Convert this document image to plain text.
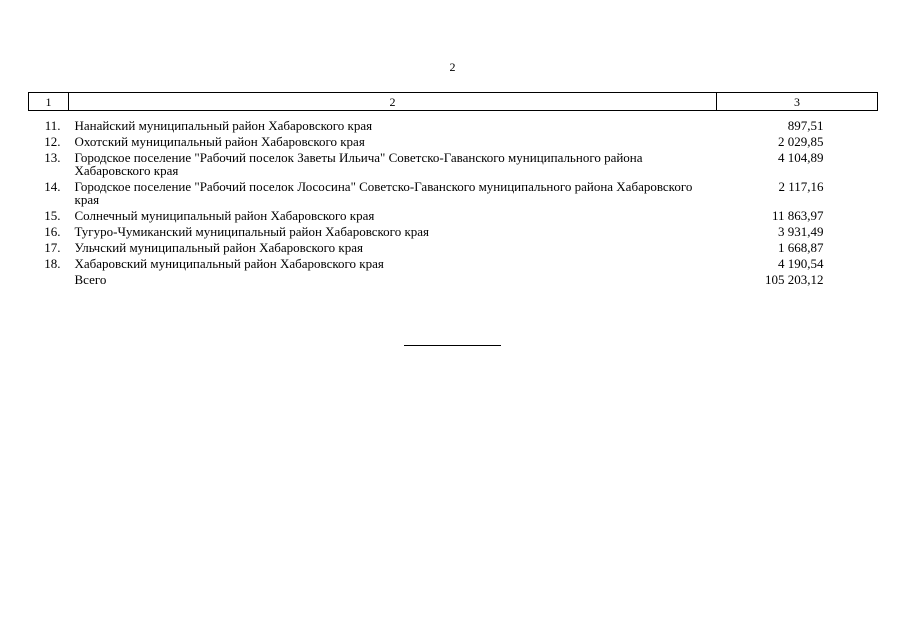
2
1	2	3
11.	Нанайский муниципальный район Хабаровского края	897,51
12.	Охотский муниципальный район Хабаровского края	2 029,85
13.	Городское поселение "Рабочий поселок Заветы Ильича" Советско-Гаванского муниципального района Хабаровского края	4 104,89
14.	Городское поселение "Рабочий поселок Лососина" Советско-Гаванского муниципального района Хабаровского края	2 117,16
15.	Солнечный муниципальный район Хабаровского края	11 863,97
16.	Тугуро-Чумиканский муниципальный район Хабаровского края	3 931,49
17.	Ульчский муниципальный район Хабаровского края	1 668,87
18.	Хабаровский муниципальный район Хабаровского края	4 190,54
	Всего	105 203,12
